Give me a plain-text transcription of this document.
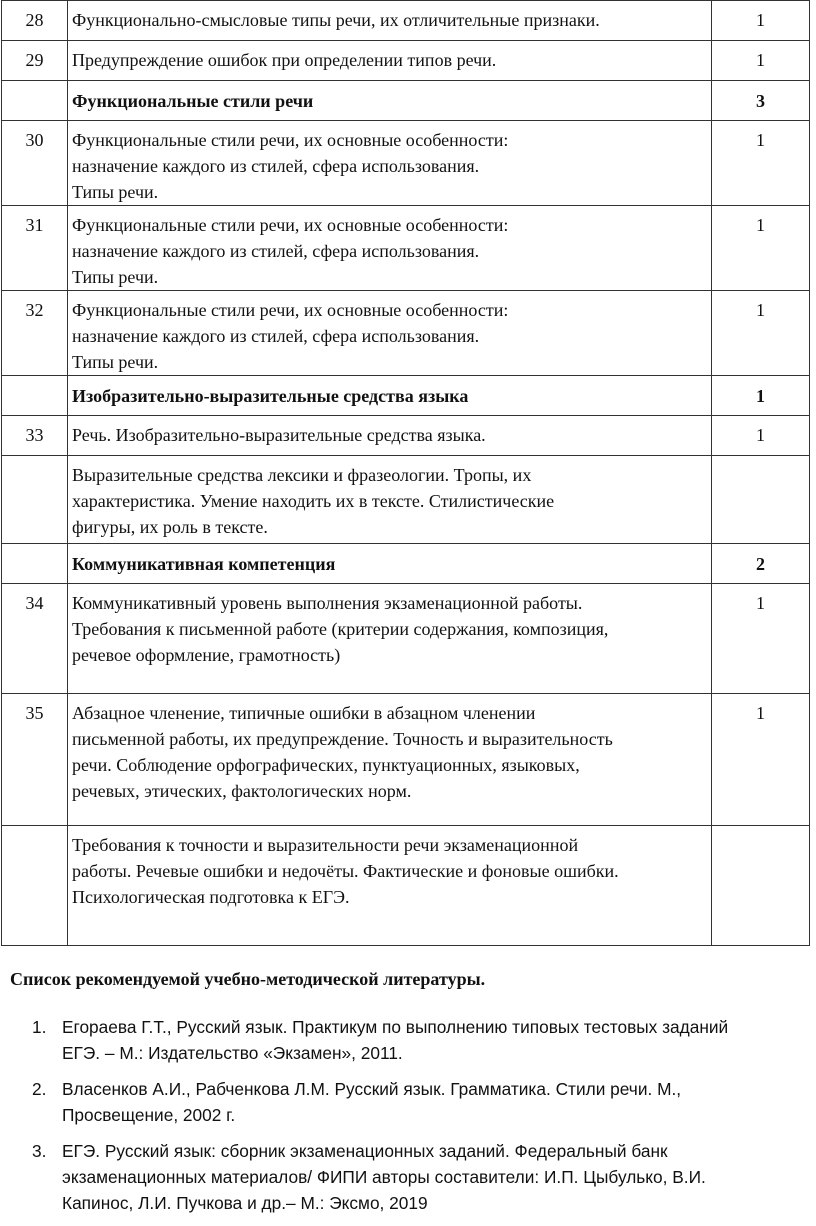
28	Функционально-смысловые типы речи, их отличительные признаки.	1
29	Предупреждение ошибок при определении типов речи.	1

	Функциональные стили речи	3
30	Функциональные стили речи, их основные особенности:
назначение каждого из стилей, сфера использования.
Типы речи.	1
31	Функциональные стили речи, их основные особенности:
назначение каждого из стилей, сфера использования.
Типы речи.	1
32	Функциональные стили речи, их основные особенности:
назначение каждого из стилей, сфера использования.
Типы речи.	1

	Изобразительно-выразительные средства языка	1
33	Речь. Изобразительно-выразительные средства языка.	1

	Выразительные средства лексики и фразеологии. Тропы, их
характеристика. Умение находить их в тексте. Стилистические
фигуры, их роль в тексте.	

	Коммуникативная компетенция	2
34	Коммуникативный уровень выполнения экзаменационной работы.
Требования к письменной работе (критерии содержания, композиция,
речевое оформление, грамотность)	1
35	Абзацное членение, типичные ошибки в абзацном членении
письменной работы, их предупреждение. Точность и выразительность
речи. Соблюдение орфографических, пунктуационных, языковых,
речевых, этических, фактологических норм.	1

	Требования к точности и выразительности речи экзаменационной
работы. Речевые ошибки и недочёты. Фактические и фоновые ошибки.
Психологическая подготовка к ЕГЭ.	

Список рекомендуемой учебно-методической литературы.
1. Егораева Г.Т., Русский язык. Практикум по выполнению типовых тестовых заданий
ЕГЭ. – М.: Издательство «Экзамен», 2011.
2. Власенков А.И., Рабченкова Л.М. Русский язык. Грамматика. Стили речи. М.,
Просвещение, 2002 г.
3. ЕГЭ. Русский язык: сборник экзаменационных заданий. Федеральный банк
экзаменационных материалов/ ФИПИ авторы составители: И.П. Цыбулько, В.И.
Капинос, Л.И. Пучкова и др.– М.: Эксмо, 2019
